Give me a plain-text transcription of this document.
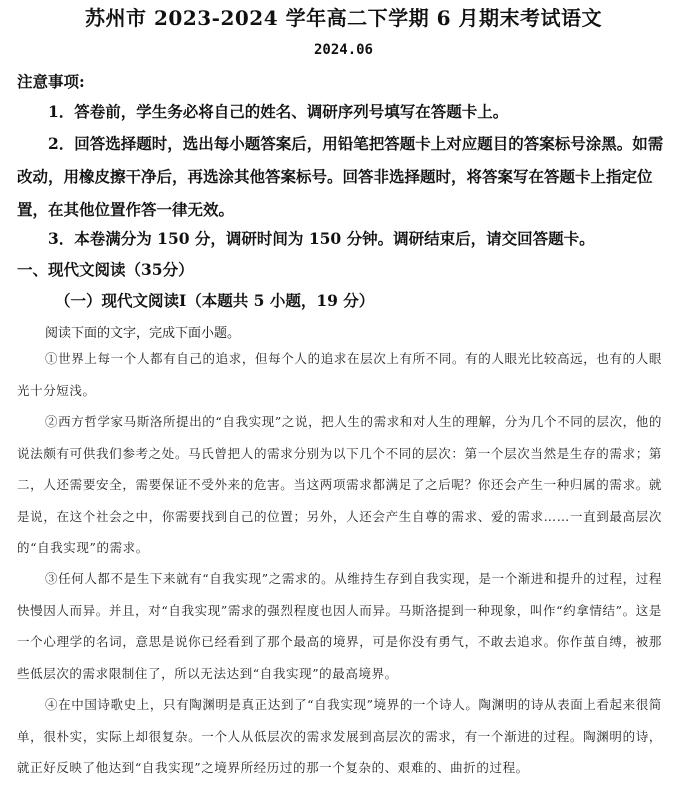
苏州市 2023-2024 学年高二下学期 6 月期末考试语文
2024.06
注意事项:
1．答卷前，学生务必将自己的姓名、调研序列号填写在答题卡上。
2．回答选择题时，选出每小题答案后，用铅笔把答题卡上对应题目的答案标号涂黑。如需改动，用橡皮擦干净后，再选涂其他答案标号。回答非选择题时，将答案写在答题卡上指定位置，在其他位置作答一律无效。
3．本卷满分为 150 分，调研时间为 150 分钟。调研结束后，请交回答题卡。
一、现代文阅读（35分）
（一）现代文阅读Ⅰ（本题共 5 小题，19 分）
阅读下面的文字，完成下面小题。
①世界上每一个人都有自己的追求，但每个人的追求在层次上有所不同。有的人眼光比较高远，也有的人眼光十分短浅。
②西方哲学家马斯洛所提出的“自我实现”之说，把人生的需求和对人生的理解，分为几个不同的层次，他的说法颇有可供我们参考之处。马氏曾把人的需求分别为以下几个不同的层次：第一个层次当然是生存的需求；第二，人还需要安全，需要保证不受外来的危害。当这两项需求都满足了之后呢？你还会产生一种归属的需求。就是说，在这个社会之中，你需要找到自己的位置；另外，人还会产生自尊的需求、爱的需求……一直到最高层次的“自我实现”的需求。
③任何人都不是生下来就有“自我实现”之需求的。从维持生存到自我实现，是一个渐进和提升的过程，过程快慢因人而异。并且，对“自我实现”需求的强烈程度也因人而异。马斯洛提到一种现象，叫作“约拿情结”。这是一个心理学的名词，意思是说你已经看到了那个最高的境界，可是你没有勇气，不敢去追求。你作茧自缚，被那些低层次的需求限制住了，所以无法达到“自我实现”的最高境界。
④在中国诗歌史上，只有陶渊明是真正达到了“自我实现”境界的一个诗人。陶渊明的诗从表面上看起来很简单，很朴实，实际上却很复杂。一个人从低层次的需求发展到高层次的需求，有一个渐进的过程。陶渊明的诗，就正好反映了他达到“自我实现”之境界所经历过的那一个复杂的、艰难的、曲折的过程。
